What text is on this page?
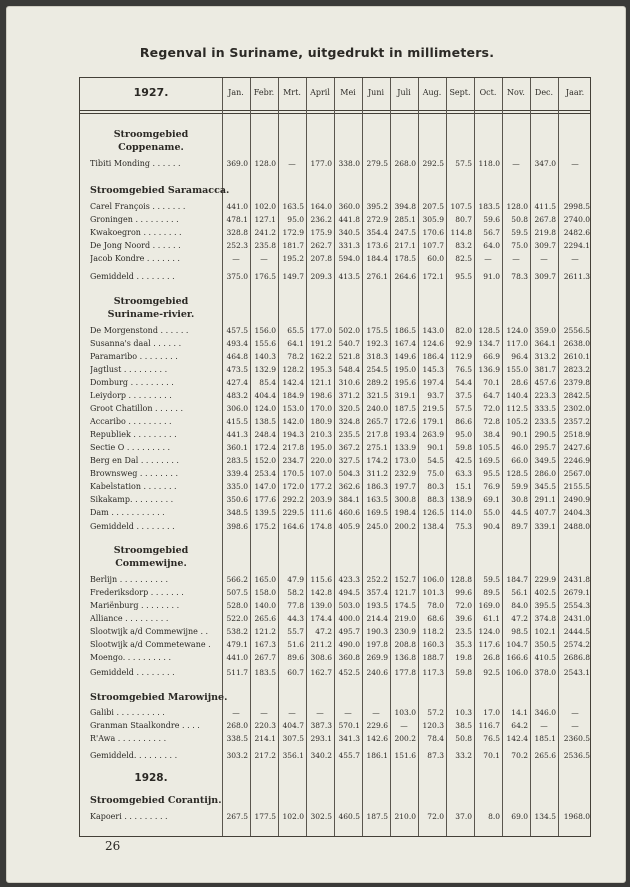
Regenval in Suriname, uitgedrukt in millimeters.
1927.	Jan.	Febr.	Mrt.	April	Mei	Juni	Juli	Aug.	Sept.	Oct.	Nov.	Dec.	Jaar.
Stroomgebied
Coppename.
Tibiti Monding . . . . . .	369.0 128.0	—	177.0 338.0 279.5 268.0 292.5	57.5 118.0	—	347.0	—
Stroomgebied Saramacca.
Carel François . . . . . . .	441.0 102.0 163.5 164.0 360.0 395.2 394.8 207.5 107.5 183.5 128.0 411.5	2998.5
Groningen . . . . . . . . .	478.1 127.1	95.0 236.2 441.8 272.9 285.1 305.9	80.7	59.6	50.8 267.8	2740.0
Kwakoegron . . . . . . . .	328.8 241.2 172.9 175.9 340.5 354.4 247.5 170.6 114.8	56.7	59.5 219.8	2482.6
De Jong Noord . . . . . .	252.3 235.8 181.7 262.7 331.3 173.6 217.1 107.7	83.2	64.0	75.0 309.7	2294.1
Jacob Kondre . . . . . . .	—	—	195.2 207.8 594.0 184.4 178.5	60.0	82.5	—	—	—	—
Gemiddeld . . . . . . . .	375.0 176.5 149.7 209.3 413.5 276.1 264.6 172.1	95.5	91.0	78.3 309.7	2611.3
Stroomgebied
Suriname-rivier.
De Morgenstond . . . . . .	457.5 156.0	65.5 177.0 502.0 175.5 186.5 143.0	82.0 128.5 124.0 359.0	2556.5
Susanna's daal . . . . . .	493.4 155.6	64.1 191.2 540.7 192.3 167.4 124.6	92.9 134.7 117.0 364.1	2638.0
Paramaribo . . . . . . . .	464.8 140.3	78.2 162.2 521.8 318.3 149.6 186.4 112.9	66.9	96.4 313.2	2610.1
Jagtlust . . . . . . . . .	473.5 132.9 128.2 195.3 548.4 254.5 195.0 145.3	76.5 136.9 155.0 381.7	2823.2
Domburg . . . . . . . . .	427.4	85.4 142.4 121.1 310.6 289.2 195.6 197.4	54.4	70.1	28.6 457.6	2379.8
Leiydorp . . . . . . . . .	483.2 404.4 184.9 198.6 371.2 321.5 319.1	93.7	37.5	64.7 140.4 223.3	2842.5
Groot Chatillon . . . . . .	306.0 124.0 153.0 170.0 320.5 240.0 187.5 219.5	57.5	72.0 112.5 333.5	2302.0
Accaribo . . . . . . . . .	415.5 138.5 142.0 180.9 324.8 265.7 172.6 179.1	86.6	72.8 105.2 233.5	2357.2
Republiek . . . . . . . . .	441.3 248.4 194.3 210.3 235.5 217.8 193.4 263.9	95.0	38.4	90.1 290.5	2518.9
Sectie O . . . . . . . . .	360.1 172.4 217.8 195.0 367.2 275.1 133.9	90.1	59.8 105.5	46.0 295.7	2427.6
Berg en Dal . . . . . . . .	283.5 152.0 234.7 220.0 327.5 174.2 173.0	54.5	42.5 169.5	66.0 349.5	2246.9
Brownsweg . . . . . . . .	339.4 253.4 170.5 107.0 504.3 311.2 232.9	75.0	63.3	95.5 128.5 286.0	2567.0
Kabelstation . . . . . . .	335.0 147.0 172.0 177.2 362.6 186.3 197.7	80.3	15.1	76.9	59.9 345.5	2155.5
Sikakamp. . . . . . . . .	350.6 177.6 292.2 203.9 384.1 163.5 300.8	88.3 138.9	69.1	30.8 291.1	2490.9
Dam . . . . . . . . . . .	348.5 139.5 229.5 111.6 460.6 169.5 198.4 126.5 114.0	55.0	44.5 407.7	2404.3
Gemiddeld . . . . . . . .	398.6 175.2 164.6 174.8 405.9 245.0 200.2 138.4	75.3	90.4	89.7 339.1	2488.0
Stroomgebied
Commewijne.
Berlijn . . . . . . . . . .	566.2 165.0	47.9 115.6 423.3 252.2 152.7 106.0 128.8	59.5 184.7 229.9	2431.8
Frederiksdorp . . . . . . .	507.5 158.0	58.2 142.8 494.5 357.4 121.7 101.3	99.6	89.5	56.1 402.5	2679.1
Mariënburg . . . . . . . .	528.0 140.0	77.8 139.0 503.0 193.5 174.5	78.0	72.0 169.0	84.0 395.5	2554.3
Alliance . . . . . . . . .	522.0 265.6	44.3 174.4 400.0 214.4 219.0	68.6	39.6	61.1	47.2 374.8	2431.0
Slootwijk a/d Commewijne . .	538.2 121.2	55.7	47.2 495.7 190.3 230.9 118.2	23.5 124.0	98.5 102.1	2444.5
Slootwijk a/d Commetewane .	479.1 167.3	51.6 211.2 490.0 197.8 208.8 160.3	35.3 117.6 104.7 350.5	2574.2
Moengo. . . . . . . . . .	441.0 267.7	89.6 308.6 360.8 269.9 136.8 188.7	19.8	26.8 166.6 410.5	2686.8
Gemiddeld . . . . . . . .	511.7 183.5	60.7 162.7 452.5 240.6 177.8 117.3	59.8	92.5 106.0 378.0	2543.1
Stroomgebied Marowijne.
Galibi . . . . . . . . . .	—	—	—	—	—	—	103.0	57.2	10.3	17.0	14.1 346.0	—
Granman Staalkondre . . . .	268.0 220.3 404.7 387.3 570.1 229.6	—	120.3	38.5 116.7	64.2	—	—
R'Awa . . . . . . . . . .	338.5 214.1 307.5 293.1 341.3 142.6 200.2	78.4	50.8	76.5 142.4 185.1	2360.5
Gemiddeld. . . . . . . . .	303.2 217.2 356.1 340.2 455.7 186.1 151.6	87.3	33.2	70.1	70.2 265.6	2536.5
1928.
Stroomgebied Corantijn.
Kapoeri . . . . . . . . .	267.5 177.5 102.0 302.5 460.5 187.5 210.0	72.0	37.0	8.0	69.0 134.5	1968.0
26
